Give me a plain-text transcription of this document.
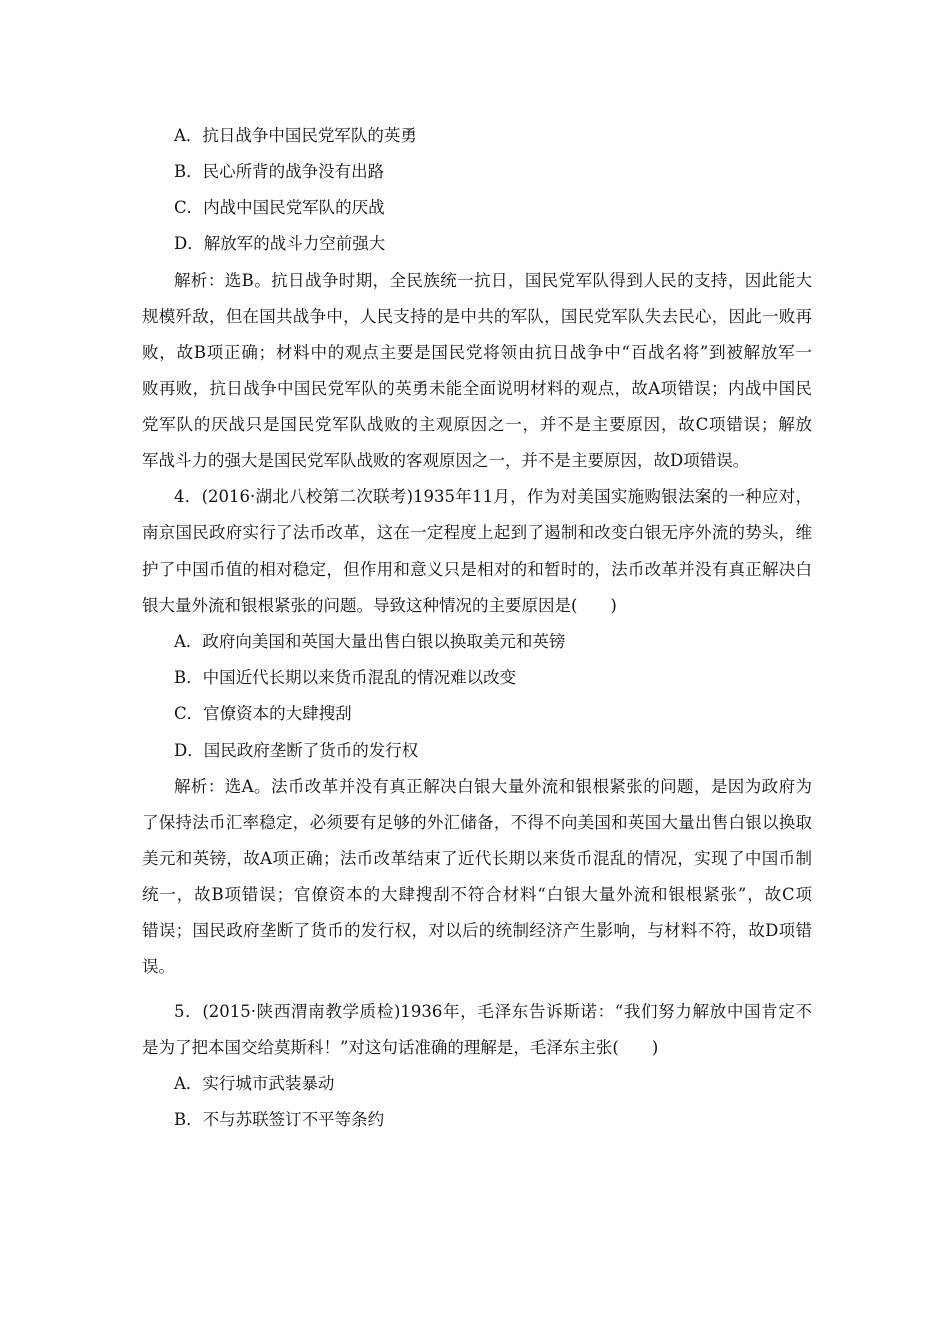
A．抗日战争中国民党军队的英勇
B．民心所背的战争没有出路
C．内战中国民党军队的厌战
D．解放军的战斗力空前强大
解析：选B。抗日战争时期，全民族统一抗日，国民党军队得到人民的支持，因此能大
规模歼敌，但在国共战争中，人民支持的是中共的军队，国民党军队失去民心，因此一败再
败，故B项正确；材料中的观点主要是国民党将领由抗日战争中“百战名将”到被解放军一
败再败，抗日战争中国民党军队的英勇未能全面说明材料的观点，故A项错误；内战中国民
党军队的厌战只是国民党军队战败的主观原因之一，并不是主要原因，故C项错误；解放
军战斗力的强大是国民党军队战败的客观原因之一，并不是主要原因，故D项错误。
4．(2016·湖北八校第二次联考)1935年11月，作为对美国实施购银法案的一种应对，
南京国民政府实行了法币改革，这在一定程度上起到了遏制和改变白银无序外流的势头，维
护了中国币值的相对稳定，但作用和意义只是相对的和暂时的，法币改革并没有真正解决白
银大量外流和银根紧张的问题。导致这种情况的主要原因是(　　)
A．政府向美国和英国大量出售白银以换取美元和英镑
B．中国近代长期以来货币混乱的情况难以改变
C．官僚资本的大肆搜刮
D．国民政府垄断了货币的发行权
解析：选A。法币改革并没有真正解决白银大量外流和银根紧张的问题，是因为政府为
了保持法币汇率稳定，必须要有足够的外汇储备，不得不向美国和英国大量出售白银以换取
美元和英镑，故A项正确；法币改革结束了近代长期以来货币混乱的情况，实现了中国币制
统一，故B项错误；官僚资本的大肆搜刮不符合材料“白银大量外流和银根紧张”，故C项
错误；国民政府垄断了货币的发行权，对以后的统制经济产生影响，与材料不符，故D项错
误。
5．(2015·陕西渭南教学质检)1936年，毛泽东告诉斯诺：“我们努力解放中国肯定不
是为了把本国交给莫斯科！”对这句话准确的理解是，毛泽东主张(　　)
A．实行城市武装暴动
B．不与苏联签订不平等条约
